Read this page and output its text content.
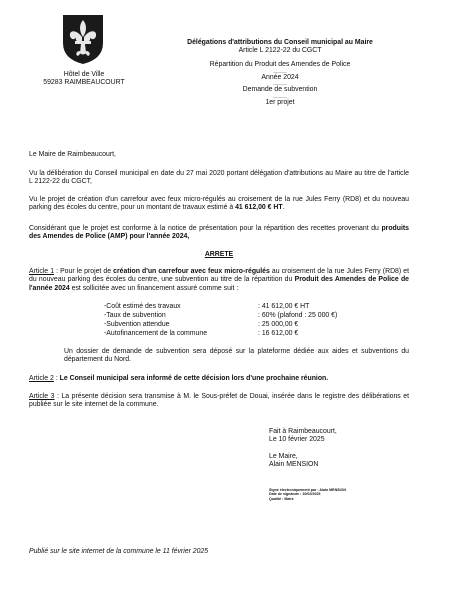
Hôtel de Ville
59283 RAIMBEAUCOURT
Délégations d'attributions du Conseil municipal au Maire
Article L 2122-22 du CGCT
Répartition du Produit des Amendes de Police
----------
Année 2024
----------
Demande de subvention
----------
1er projet
Le Maire de Raimbeaucourt,
Vu la délibération du Conseil municipal en date du 27 mai 2020 portant délégation d'attributions au Maire au titre de l'article L 2122-22 du CGCT,
Vu le projet de création d'un carrefour avec feux micro-régulés au croisement de la rue Jules Ferry (RD8) et du nouveau parking des écoles du centre, pour un montant de travaux estimé à 41 612,00 € HT.
Considérant que le projet est conforme à la notice de présentation pour la répartition des recettes provenant du produits des Amendes de Police (AMP) pour l'année 2024,
ARRETE
Article 1 : Pour le projet de création d'un carrefour avec feux micro-régulés au croisement de la rue Jules Ferry (RD8) et du nouveau parking des écoles du centre, une subvention au titre de la répartition du Produit des Amendes de Police de l'année 2024 est sollicitée avec un financement assuré comme suit :
-Coût estimé des travaux	: 41 612,00 € HT
-Taux de subvention	: 60% (plafond : 25 000 €)
-Subvention attendue	: 25 000,00 €
-Autofinancement de la commune	: 16 612,00 €
Un dossier de demande de subvention sera déposé sur la plateforme dédiée aux aides et subventions du département du Nord.
Article 2 : Le Conseil municipal sera informé de cette décision lors d'une prochaine réunion.
Article 3 : La présente décision sera transmise à M. le Sous-préfet de Douai, insérée dans le registre des délibérations et publiée sur le site internet de la commune.
Fait à Raimbeaucourt,
Le 10 février 2025
Le Maire,
Alain MENSION
Signé électroniquement par : Alain MENSION
Date de signature : 10/02/2025
Qualité : Maire
Publié sur le site internet de la commune le 11 février 2025
